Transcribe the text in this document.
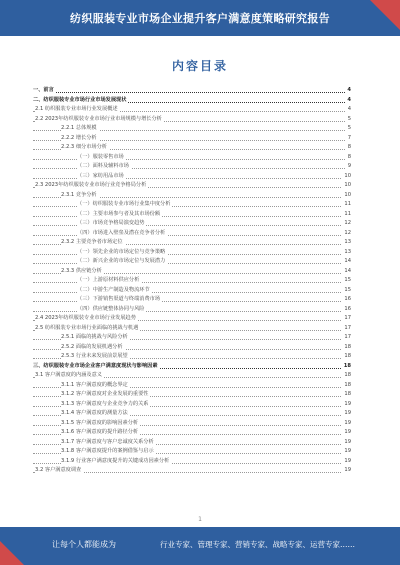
纺织服装专业市场企业提升客户满意度策略研究报告
内容目录
一、前言	4
二、纺织服装专业市场行业市场发展现状	4
2.1 纺织服装专业市场行业发展概述	4
2.2 2023年纺织服装专业市场行业市场规模与增长分析	5
2.2.1 总体规模	5
2.2.2 增长分析	7
2.2.3 细分市场分析	8
（一）服装零售市场	8
（二）面料及辅料市场	9
（三）家纺用品市场	10
2.3 2023年纺织服装专业市场行业竞争格局分析	10
2.3.1 竞争分析	10
（一）纺织服装专业市场行业集中度分析	11
（二）主要市场参与者及其市场份额	11
（三）市场竞争格局演变趋势	12
（四）市场进入壁垒及潜在竞争者分析	12
2.3.2 主要竞争者市场定位	13
（一）领先企业的市场定位与竞争策略	13
（二）新兴企业的市场定位与发展潜力	14
2.3.3 供应链分析	14
（一）上游原材料供应分析	15
（二）中游生产制造及物流环节	15
（三）下游销售渠道与终端消费市场	16
（四）供应链整体协同与风险	16
2.4 2023年纺织服装专业市场行业发展趋势	17
2.5 纺织服装专业市场行业面临的挑战与机遇	17
2.5.1 面临的挑战与风险分析	17
2.5.2 面临的发展机遇分析	18
2.5.3 行业未来发展前景展望	18
三、纺织服装专业市场企业客户满意度现状与影响因素	18
3.1 客户满意度的内涵及意义	18
3.1.1 客户满意度的概念界定	18
3.1.2 客户满意度对企业发展的重要性	18
3.1.3 客户满意度与企业竞争力的关系	19
3.1.4 客户满意度的测量方法	19
3.1.5 客户满意度的影响因素分析	19
3.1.6 客户满意度的提升路径分析	19
3.1.7 客户满意度与客户忠诚度关系分析	19
3.1.8 客户满意度提升的案例借鉴与启示	19
3.1.9 行业客户满意度提升的关键成功因素分析	19
3.2 客户满意度调查	19
1
让每个人都能成为	行业专家、管理专家、营销专家、战略专家、运营专家……
